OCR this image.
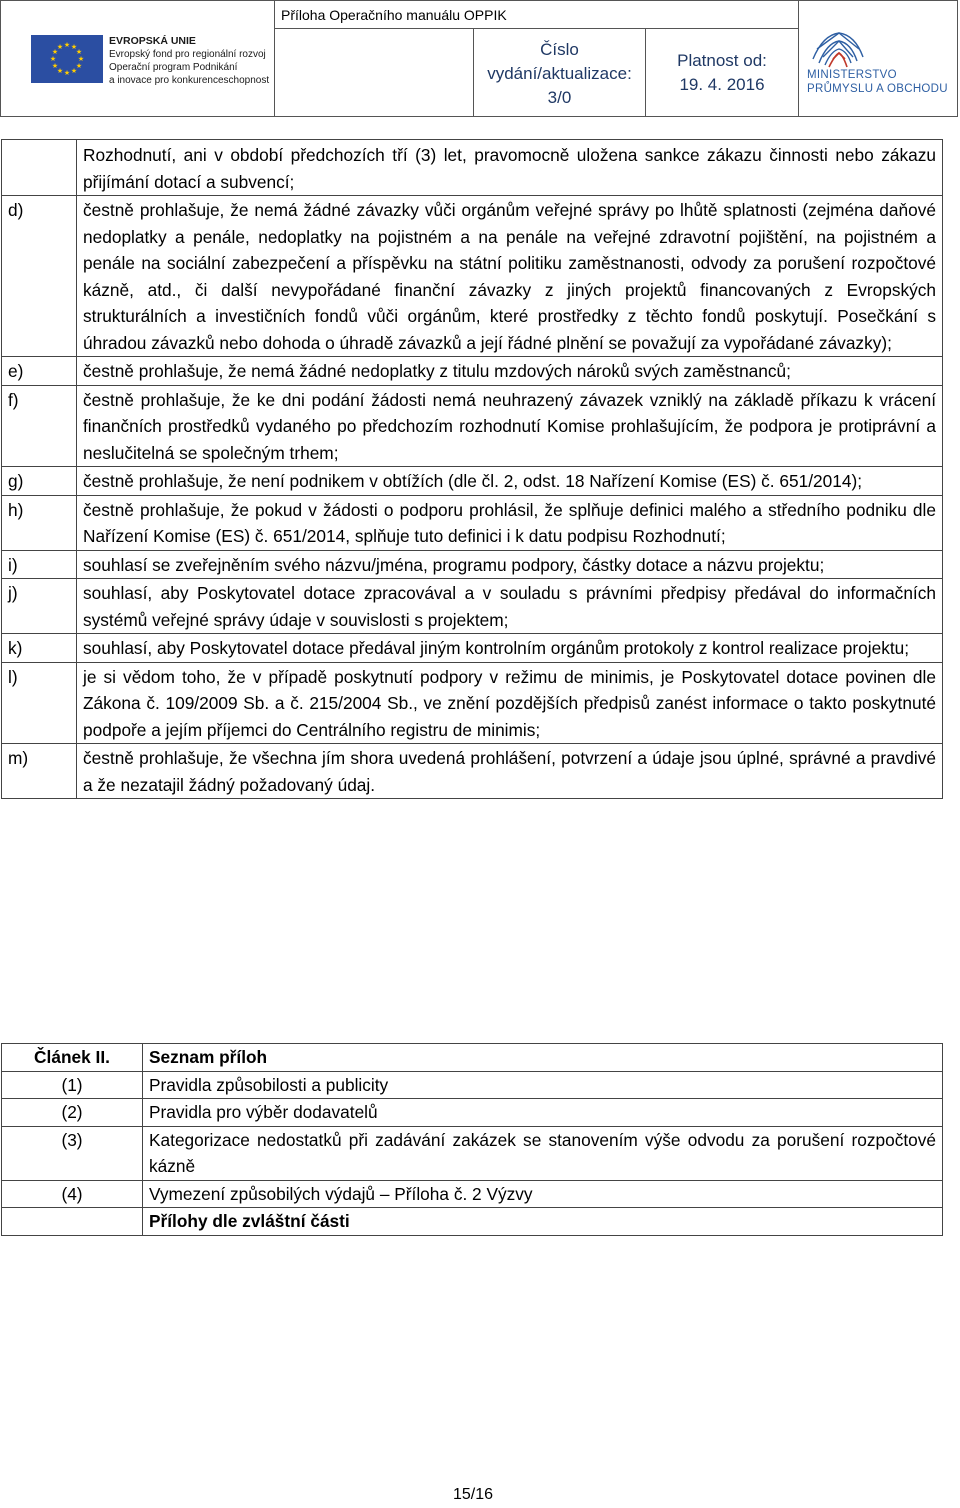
★ ★
★
★
★
★
★
★
★
★
★
★	EVROPSKÁ UNIE
Evropský fond pro regionální rozvoj
Operační program Podnikání
a inovace pro konkurenceschopnost
Příloha Operačního manuálu OPPIK
Číslo
vydání/aktualizace:
3/0
Platnost od:
19. 4. 2016	MINISTERSTVO
PRŮMYSLU A OBCHODU
	Rozhodnutí, ani v období předchozích tří (3) let, pravomocně uložena sankce zákazu činnosti nebo zákazu přijímání dotací a subvencí;
d)	čestně prohlašuje, že nemá žádné závazky vůči orgánům veřejné správy po lhůtě splatnosti (zejména daňové nedoplatky a penále, nedoplatky na pojistném a na penále na veřejné zdravotní pojištění, na pojistném a penále na sociální zabezpečení a příspěvku na státní politiku zaměstnanosti, odvody za porušení rozpočtové kázně, atd., či další nevypořádané finanční závazky z jiných projektů financovaných z Evropských strukturálních a investičních fondů vůči orgánům, které prostředky z těchto fondů poskytují. Posečkání s úhradou závazků nebo dohoda o úhradě závazků a její řádné plnění se považují za vypořádané závazky);
e)	čestně prohlašuje, že nemá žádné nedoplatky z titulu mzdových nároků svých zaměstnanců;
f)	čestně prohlašuje, že ke dni podání žádosti nemá neuhrazený závazek vzniklý na základě příkazu k vrácení finančních prostředků vydaného po předchozím rozhodnutí Komise prohlašujícím, že podpora je protiprávní a neslučitelná se společným trhem;
g)	čestně prohlašuje, že není podnikem v obtížích (dle čl. 2, odst. 18 Nařízení Komise (ES) č. 651/2014);
h)	čestně prohlašuje, že pokud v žádosti o podporu prohlásil, že splňuje definici malého a středního podniku dle Nařízení Komise (ES) č. 651/2014, splňuje tuto definici i k datu podpisu Rozhodnutí;
i)	souhlasí se zveřejněním svého názvu/jména, programu podpory, částky dotace a názvu projektu;
j)	souhlasí, aby Poskytovatel dotace zpracovával a v souladu s právními předpisy předával do informačních systémů veřejné správy údaje v souvislosti s projektem;
k)	souhlasí, aby Poskytovatel dotace předával jiným kontrolním orgánům protokoly z kontrol realizace projektu;
l)	je si vědom toho, že v případě poskytnutí podpory v režimu de minimis, je Poskytovatel dotace povinen dle Zákona č. 109/2009 Sb. a č. 215/2004 Sb., ve znění pozdějších předpisů zanést informace o takto poskytnuté podpoře a jejím příjemci do Centrálního registru de minimis;
m)	čestně prohlašuje, že všechna jím shora uvedená prohlášení, potvrzení a údaje jsou úplné, správné a pravdivé a že nezatajil žádný požadovaný údaj.
Článek II.	Seznam příloh
(1)	Pravidla způsobilosti a publicity
(2)	Pravidla pro výběr dodavatelů
(3)	Kategorizace nedostatků při zadávání zakázek se stanovením výše odvodu za porušení rozpočtové kázně
(4)	Vymezení způsobilých výdajů – Příloha č. 2 Výzvy
	Přílohy dle zvláštní části
15/16
